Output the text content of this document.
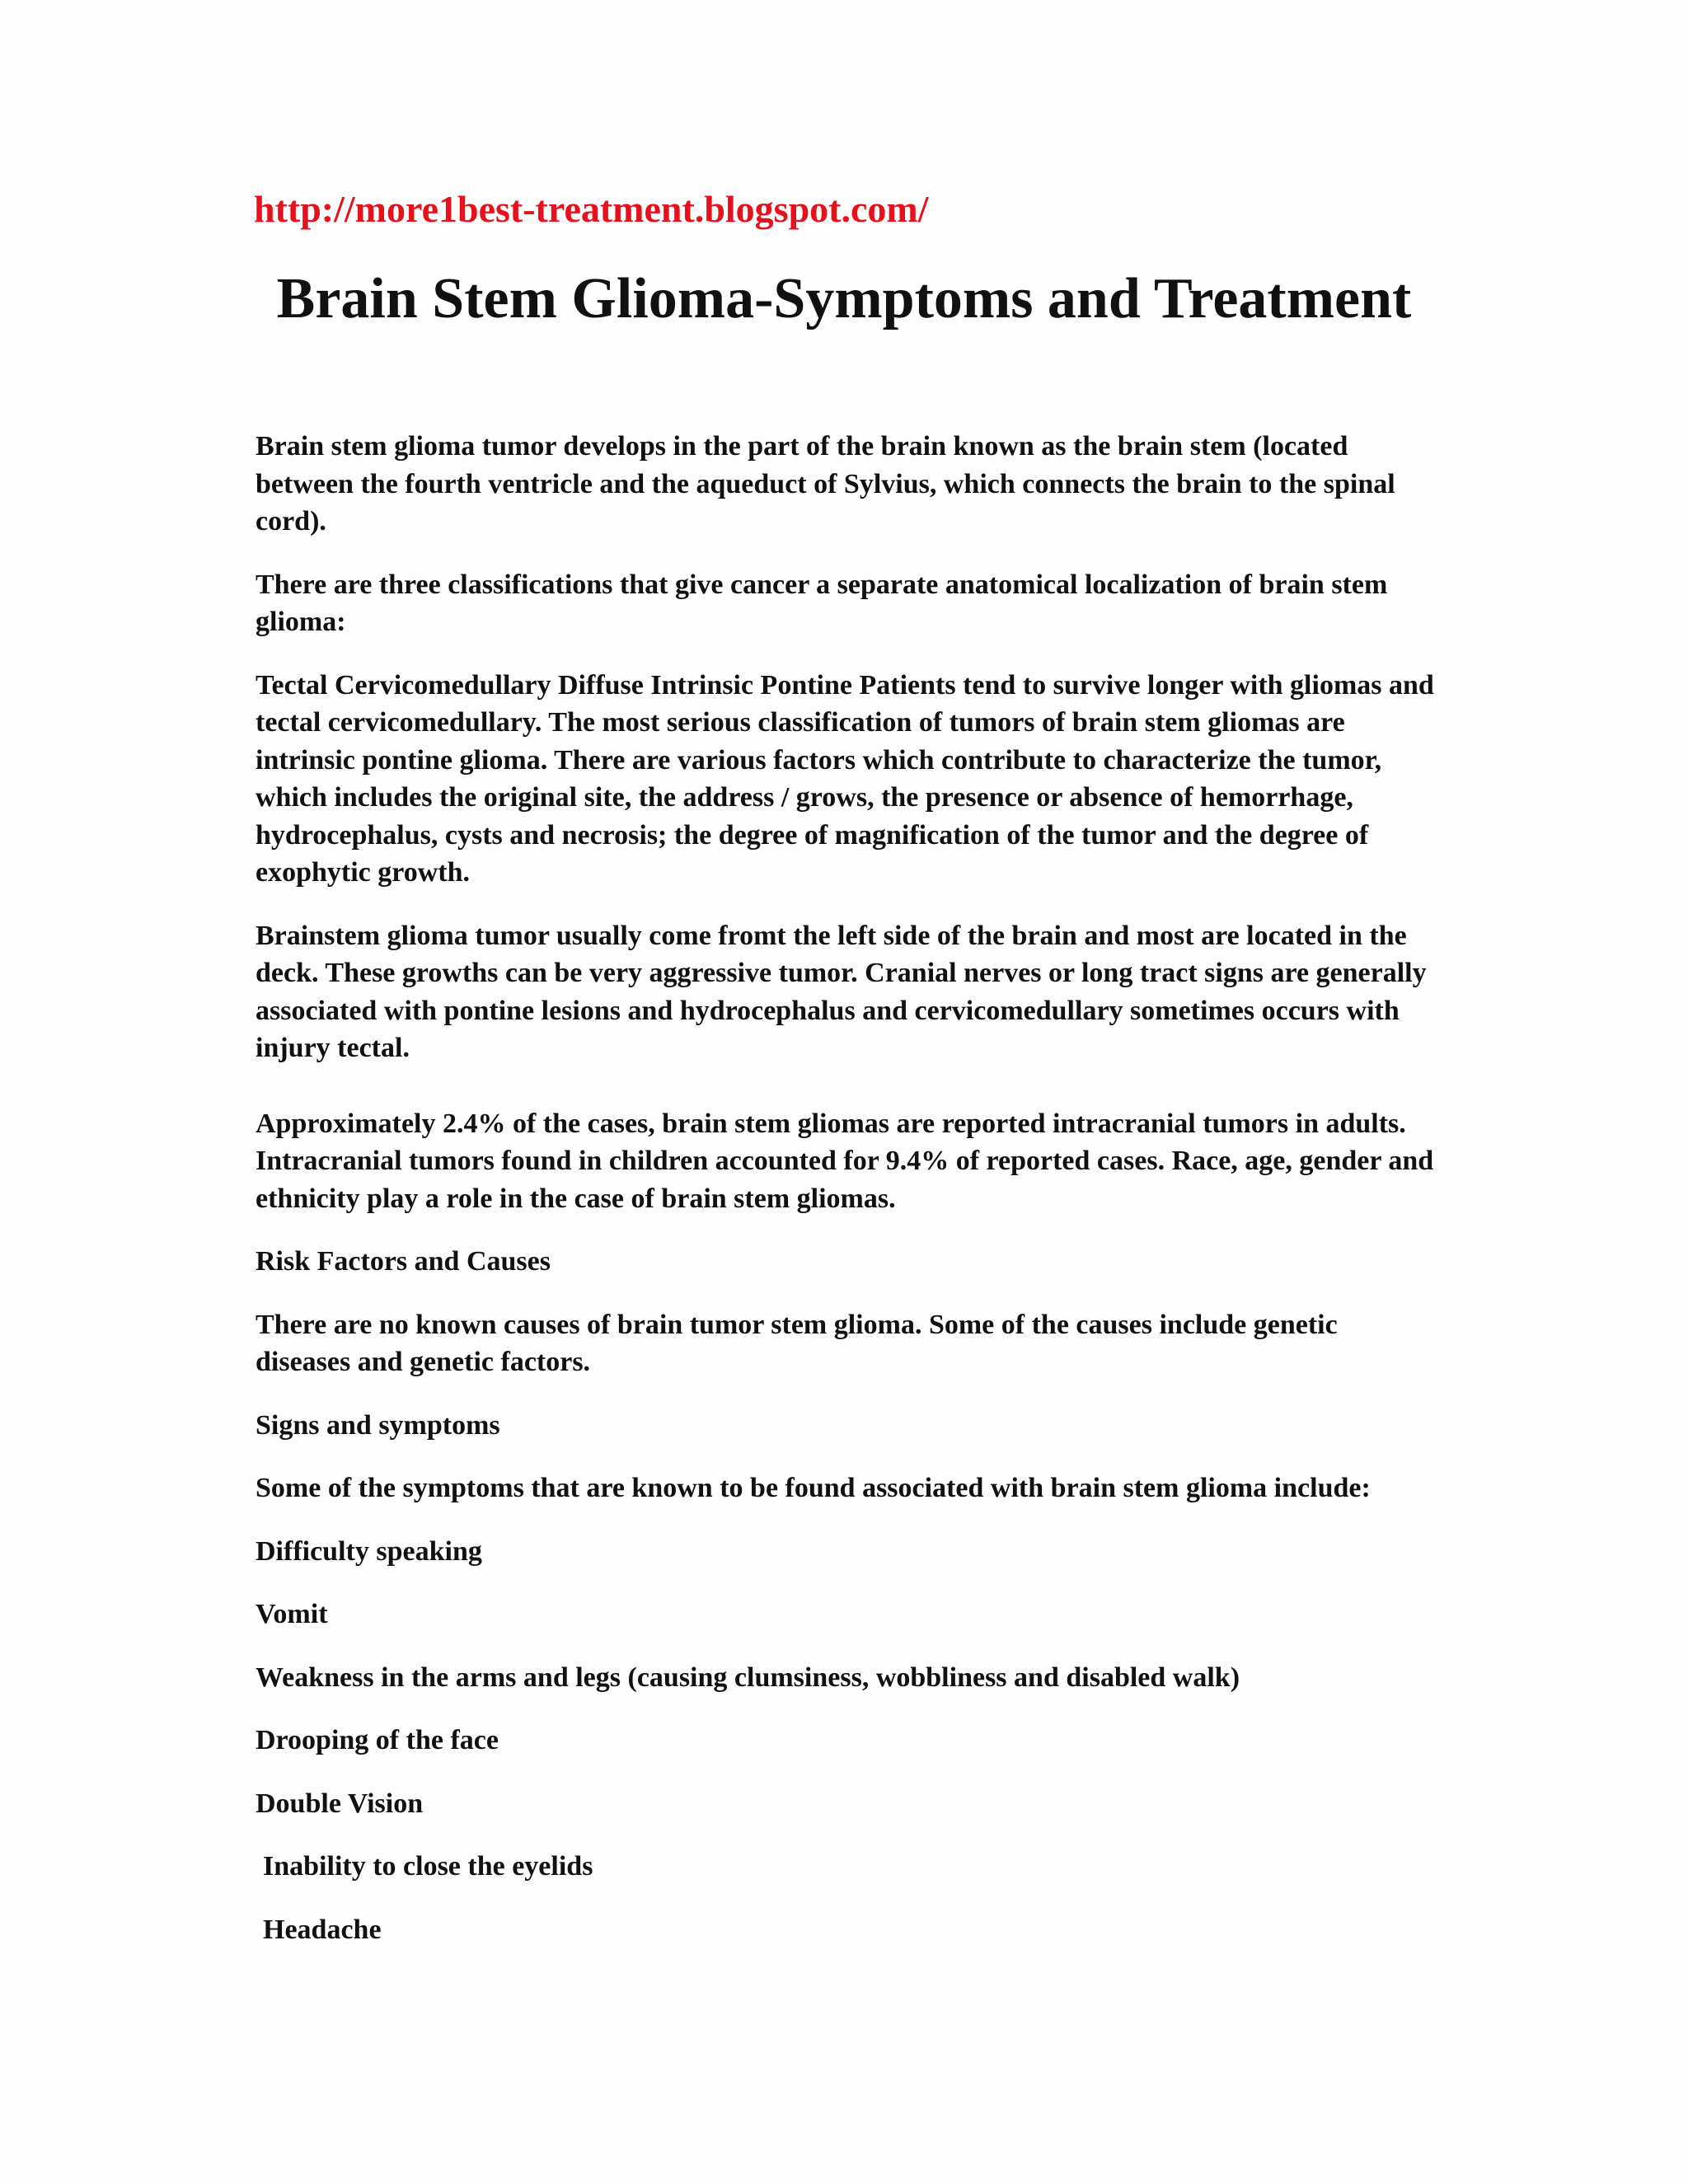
http://more1best-treatment.blogspot.com/
Brain Stem Glioma-Symptoms and Treatment

Brain stem glioma tumor develops in the part of the brain known as the brain stem (located between the fourth ventricle and the aqueduct of Sylvius, which connects the brain to the spinal cord).

There are three classifications that give cancer a separate anatomical localization of brain stem glioma:

Tectal Cervicomedullary Diffuse Intrinsic Pontine Patients tend to survive longer with gliomas and tectal cervicomedullary. The most serious classification of tumors of brain stem gliomas are intrinsic pontine glioma. There are various factors which contribute to characterize the tumor, which includes the original site, the address / grows, the presence or absence of hemorrhage, hydrocephalus, cysts and necrosis; the degree of magnification of the tumor and the degree of exophytic growth.

Brainstem glioma tumor usually come fromt the left side of the brain and most are located in the deck. These growths can be very aggressive tumor. Cranial nerves or long tract signs are generally associated with pontine lesions and hydrocephalus and cervicomedullary sometimes occurs with injury tectal.

Approximately 2.4% of the cases, brain stem gliomas are reported intracranial tumors in adults. Intracranial tumors found in children accounted for 9.4% of reported cases. Race, age, gender and ethnicity play a role in the case of brain stem gliomas.

Risk Factors and Causes

There are no known causes of brain tumor stem glioma. Some of the causes include genetic diseases and genetic factors.

Signs and symptoms

Some of the symptoms that are known to be found associated with brain stem glioma include:

Difficulty speaking

Vomit

Weakness in the arms and legs (causing clumsiness, wobbliness and disabled walk)

Drooping of the face

Double Vision

Inability to close the eyelids

Headache
